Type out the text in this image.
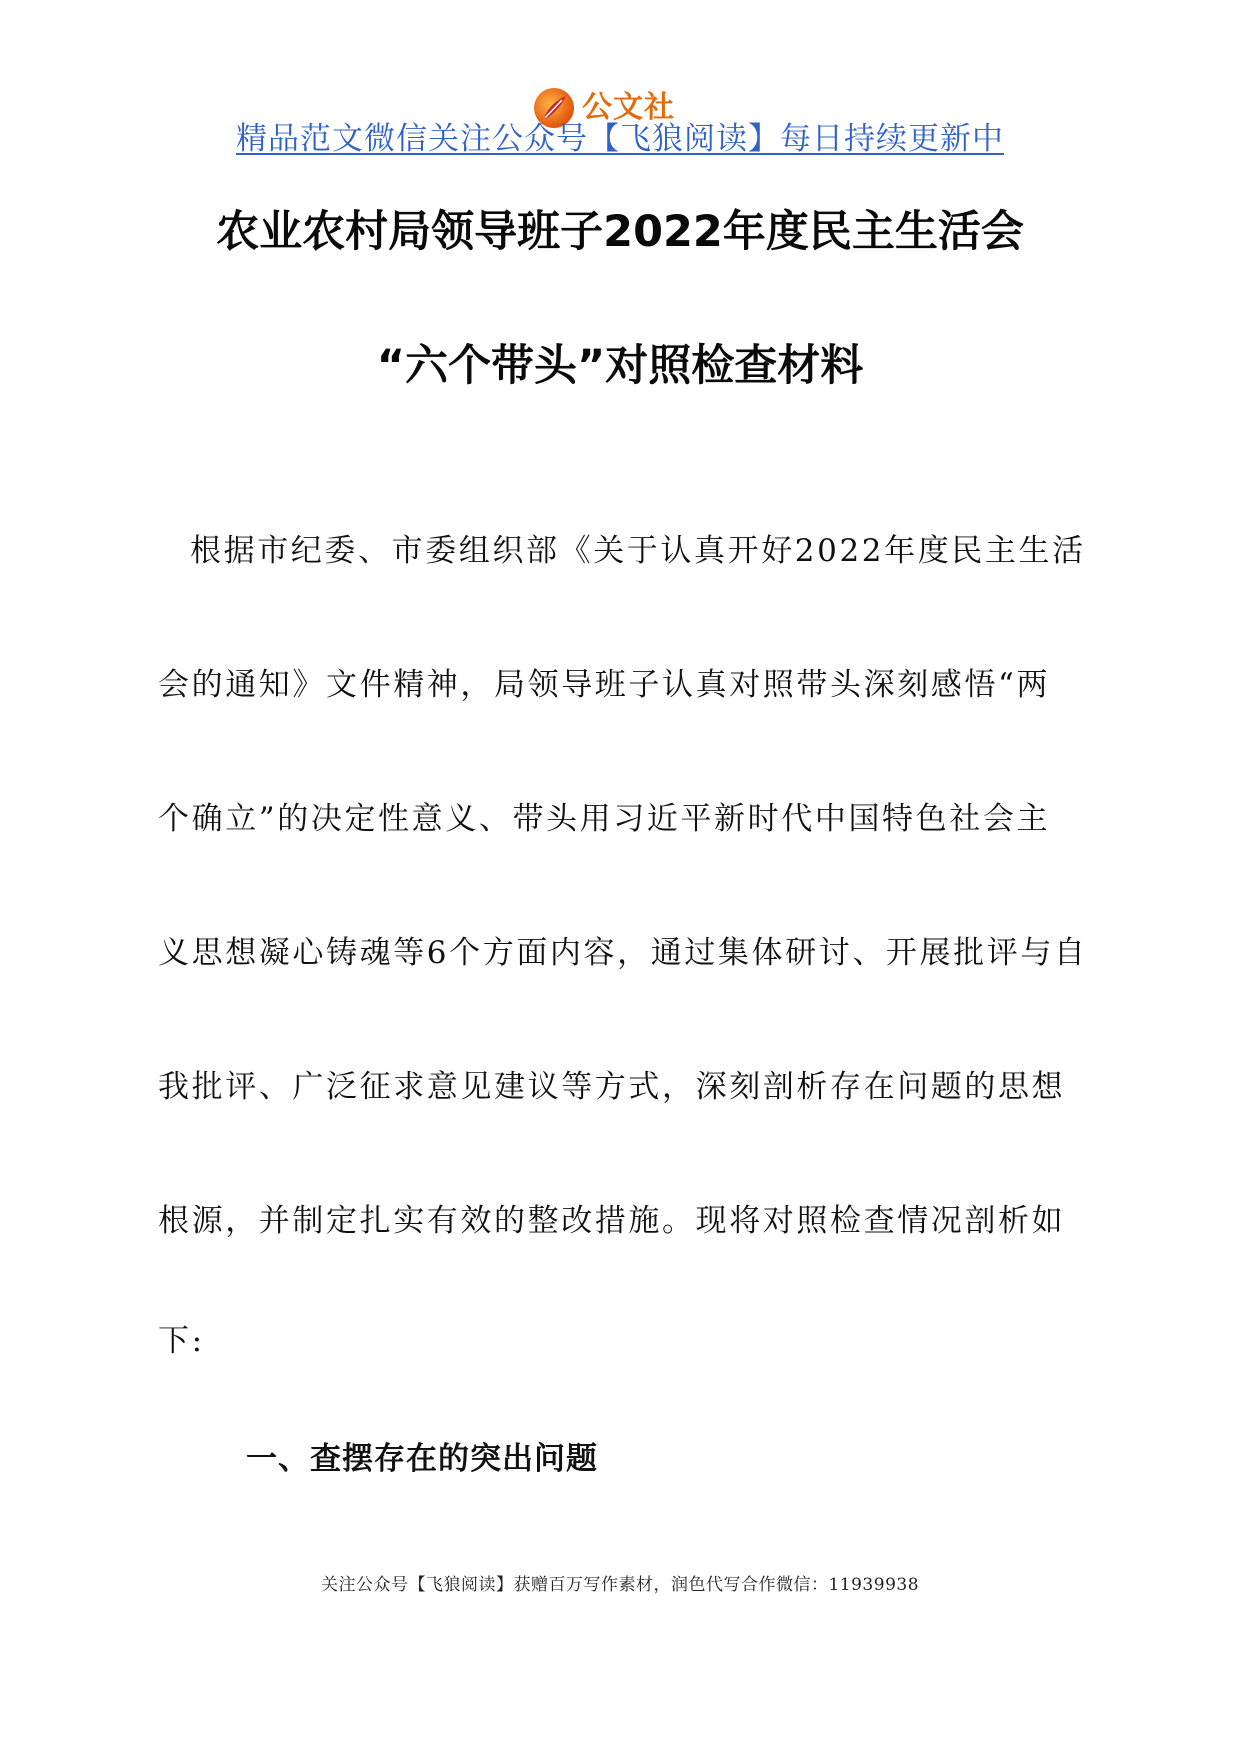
公文社
精品范文微信关注公众号【飞狼阅读】每日持续更新中
农业农村局领导班子2022年度民主生活会
“六个带头”对照检查材料
根据市纪委、市委组织部《关于认真开好2022年度民主生活
会的通知》文件精神，局领导班子认真对照带头深刻感悟“两
个确立”的决定性意义、带头用习近平新时代中国特色社会主
义思想凝心铸魂等6个方面内容，通过集体研讨、开展批评与自
我批评、广泛征求意见建议等方式，深刻剖析存在问题的思想
根源，并制定扎实有效的整改措施。现将对照检查情况剖析如
下:
一、查摆存在的突出问题
关注公众号【飞狼阅读】获赠百万写作素材，润色代写合作微信：11939938
